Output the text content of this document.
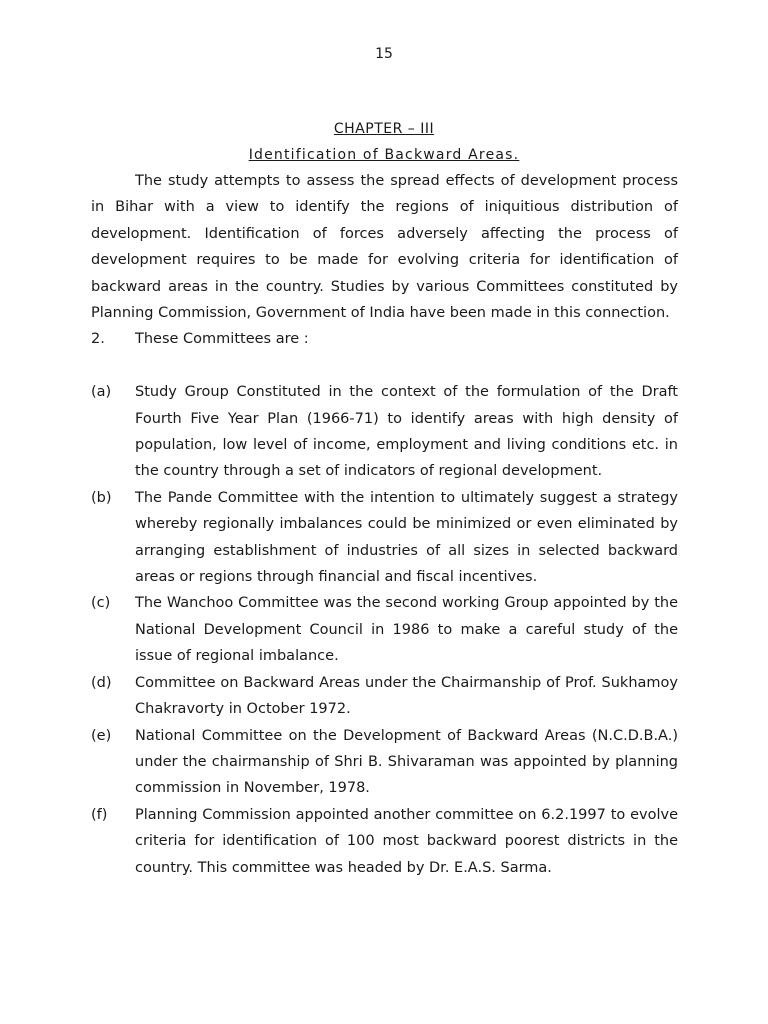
15
CHAPTER – III
Identification of Backward Areas.

The study attempts to assess the spread effects of development process in Bihar with a view to identify the regions of iniquitious distribution of development. Identification of forces adversely affecting the process of development requires to be made for evolving criteria for identification of backward areas in the country. Studies by various Committees constituted by Planning Commission, Government of India have been made in this connection.

2.	These Committees are :
(a)	Study Group Constituted in the context of the formulation of the Draft Fourth Five Year Plan (1966-71) to identify areas with high density of population, low level of income, employment and living conditions etc. in the country through a set of indicators of regional development.
(b)	The Pande Committee with the intention to ultimately suggest a strategy whereby regionally imbalances could be minimized or even eliminated by arranging establishment of industries of all sizes in selected backward areas or regions through financial and fiscal incentives.
(c)	The Wanchoo Committee was the second working Group appointed by the National Development Council in 1986 to make a careful study of the issue of regional imbalance.
(d)	Committee on Backward Areas under the Chairmanship of Prof. Sukhamoy Chakravorty in October 1972.
(e)	National Committee on the Development of Backward Areas (N.C.D.B.A.) under the chairmanship of Shri B. Shivaraman was appointed by planning commission in November, 1978.
(f)	Planning Commission appointed another committee on 6.2.1997 to evolve criteria for identification of 100 most backward poorest districts in the country. This committee was headed by Dr. E.A.S. Sarma.
